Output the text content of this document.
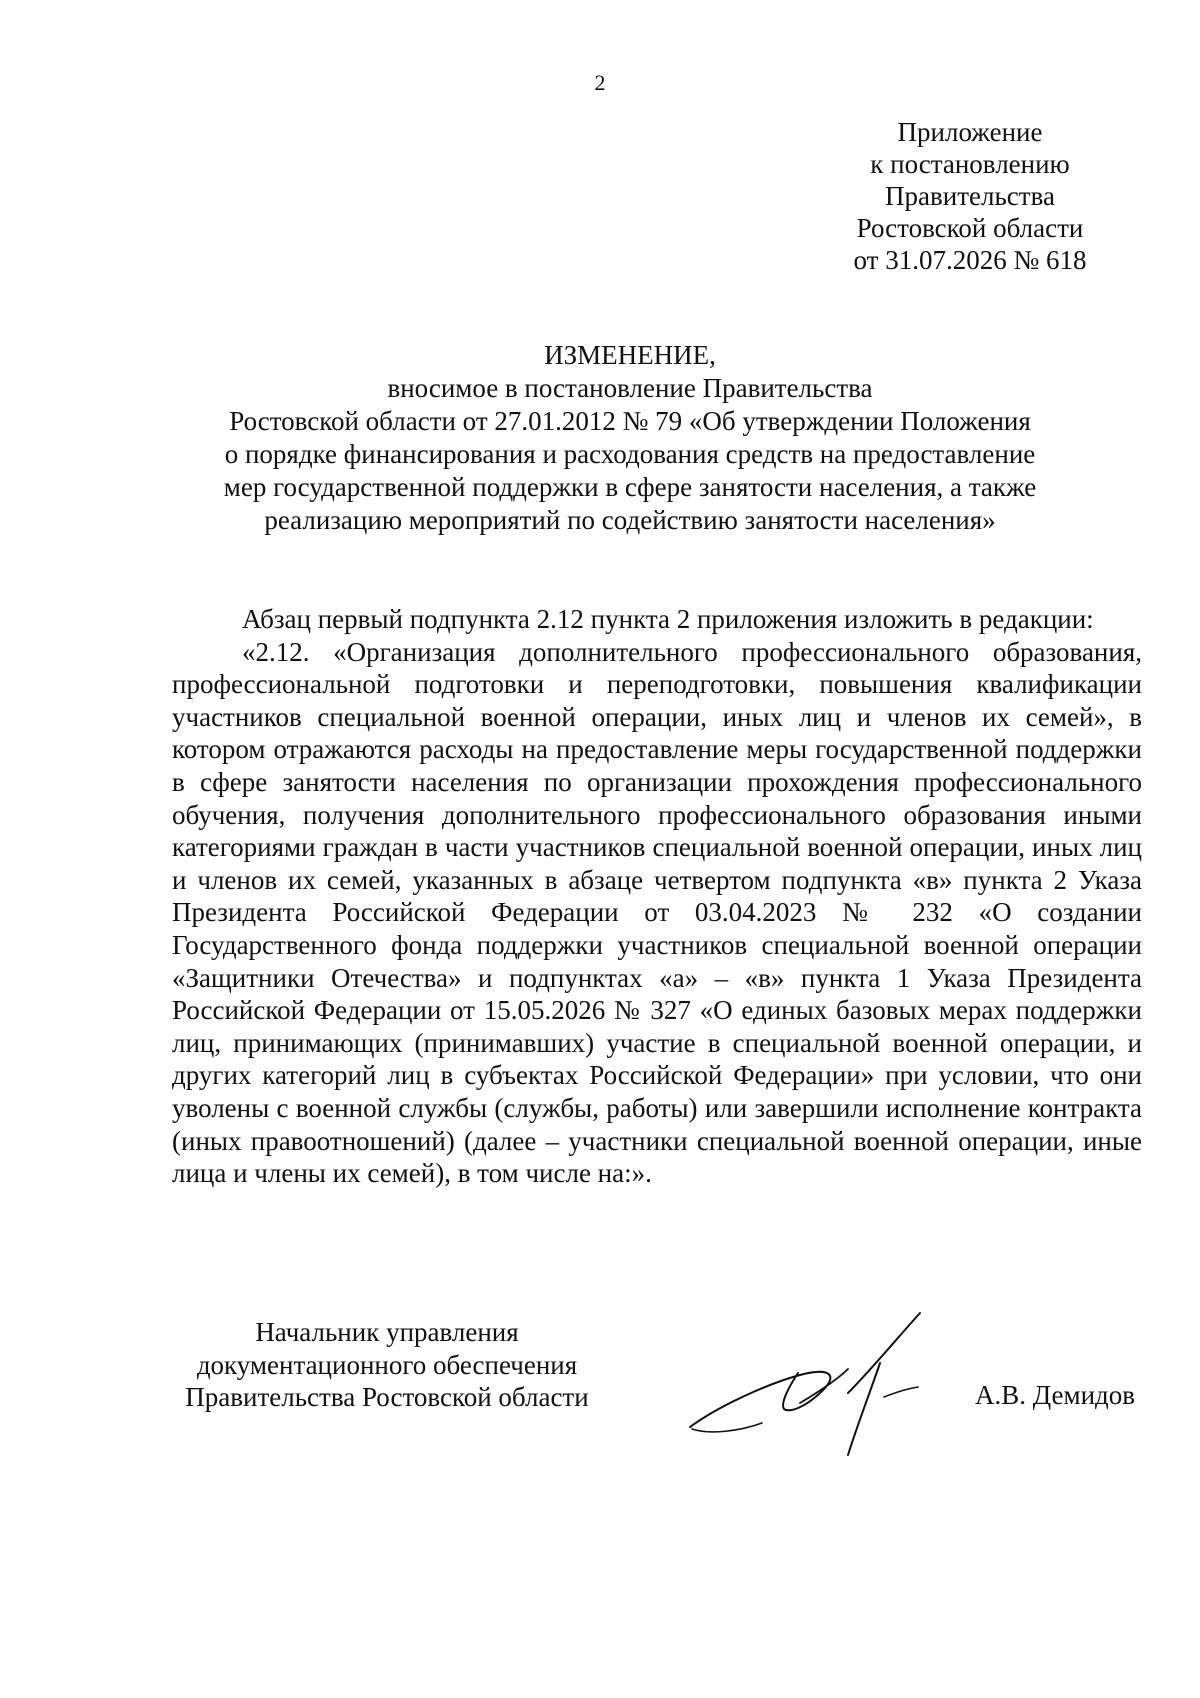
2
Приложение
к постановлению
Правительства
Ростовской области
от 31.07.2026 № 618
ИЗМЕНЕНИЕ,
вносимое в постановление Правительства
Ростовской области от 27.01.2012 № 79 «Об утверждении Положения
о порядке финансирования и расходования средств на предоставление
мер государственной поддержки в сфере занятости населения, а также
реализацию мероприятий по содействию занятости населения»

Абзац первый подпункта 2.12 пункта 2 приложения изложить в редакции:

«2.12. «Организация дополнительного профессионального образования, профессиональной подготовки и переподготовки, повышения квалификации участников специальной военной операции, иных лиц и членов их семей», в котором отражаются расходы на предоставление меры государственной поддержки в сфере занятости населения по организации прохождения профессионального обучения, получения дополнительного профессионального образования иными категориями граждан в части участников специальной военной операции, иных лиц и членов их семей, указанных в абзаце четвертом подпункта «в» пункта 2 Указа Президента Российской Федерации от 03.04.2023 № 232 «О создании Государственного фонда поддержки участников специальной военной операции «Защитники Отечества» и подпунктах «а» – «в» пункта 1 Указа Президента Российской Федерации от 15.05.2026 № 327 «О единых базовых мерах поддержки лиц, принимающих (принимавших) участие в специальной военной операции, и других категорий лиц в субъектах Российской Федерации» при условии, что они уволены с военной службы (службы, работы) или завершили исполнение контракта (иных правоотношений) (далее – участники специальной военной операции, иные лица и члены их семей), в том числе на:».

Начальник управления
документационного обеспечения
Правительства Ростовской области	А.В. Демидов
